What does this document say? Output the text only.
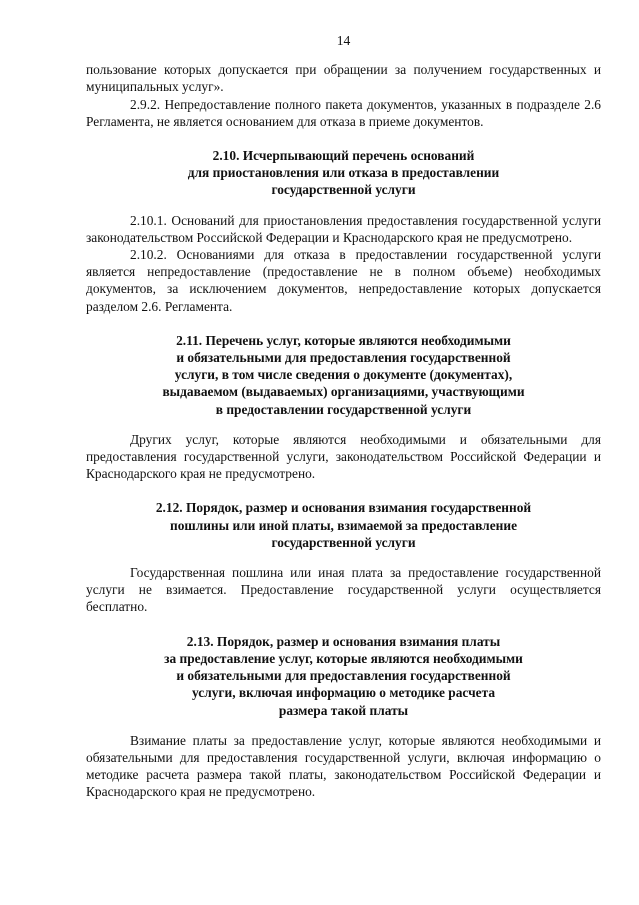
14

пользование которых допускается при обращении за получением государственных и муниципальных услуг».

2.9.2. Непредоставление полного пакета документов, указанных в подразделе 2.6 Регламента, не является основанием для отказа в приеме документов.

2.10. Исчерпывающий перечень оснований
для приостановления или отказа в предоставлении
государственной услуги

2.10.1. Оснований для приостановления предоставления государственной услуги законодательством Российской Федерации и Краснодарского края не предусмотрено.

2.10.2. Основаниями для отказа в предоставлении государственной услуги является непредоставление (предоставление не в полном объеме) необходимых документов, за исключением документов, непредоставление которых допускается разделом 2.6. Регламента.

2.11. Перечень услуг, которые являются необходимыми
и обязательными для предоставления государственной
услуги, в том числе сведения о документе (документах),
выдаваемом (выдаваемых) организациями, участвующими
в предоставлении государственной услуги

Других услуг, которые являются необходимыми и обязательными для предоставления государственной услуги, законодательством Российской Федерации и Краснодарского края не предусмотрено.

2.12. Порядок, размер и основания взимания государственной
пошлины или иной платы, взимаемой за предоставление
государственной услуги

Государственная пошлина или иная плата за предоставление государственной услуги не взимается. Предоставление государственной услуги осуществляется бесплатно.

2.13. Порядок, размер и основания взимания платы
за предоставление услуг, которые являются необходимыми
и обязательными для предоставления государственной
услуги, включая информацию о методике расчета
размера такой платы

Взимание платы за предоставление услуг, которые являются необходимыми и обязательными для предоставления государственной услуги, включая информацию о методике расчета размера такой платы, законодательством Российской Федерации и Краснодарского края не предусмотрено.
